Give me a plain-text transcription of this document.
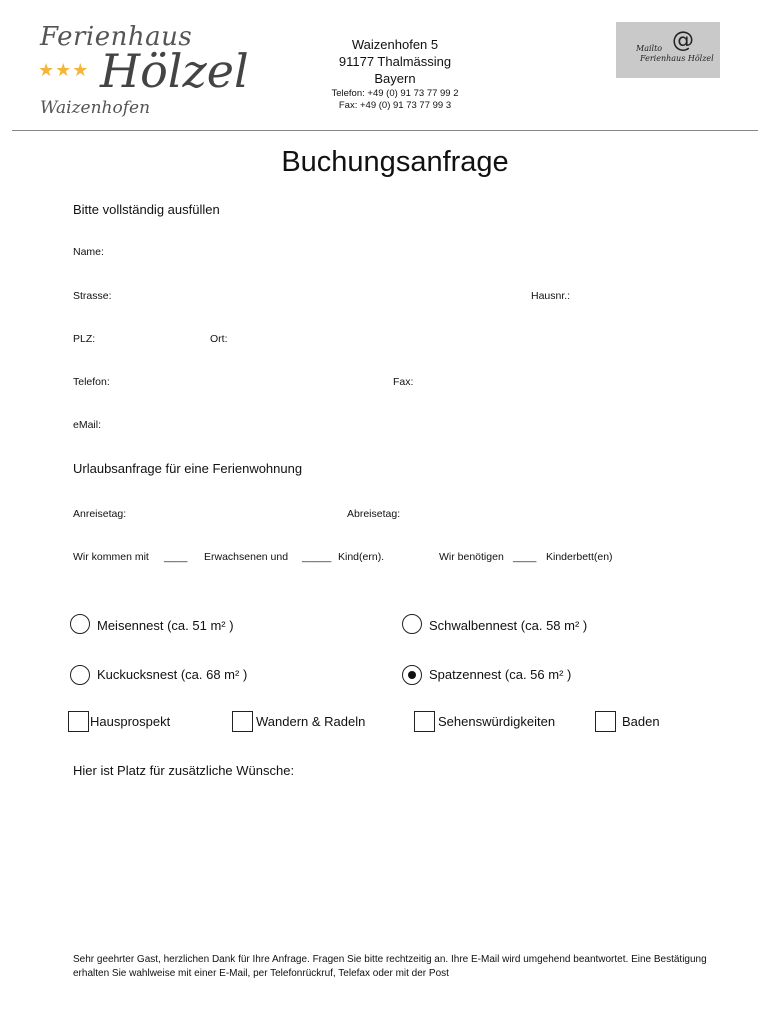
Ferienhaus
★★★ Hölzel
Waizenhofen
Waizenhofen 5
91177 Thalmässing
Bayern
Telefon: +49 (0) 91 73 77 99 2
Fax: +49 (0) 91 73 77 99 3
Mailto @
Ferienhaus Hölzel
Buchungsanfrage
Bitte vollständig ausfüllen
Name:
Strasse:	Hausnr.:
PLZ:	Ort:
Telefon:	Fax:
eMail:
Urlaubsanfrage für eine Ferienwohnung
Anreisetag:	Abreisetag:
Wir kommen mit ____ Erwachsenen und _____ Kind(ern).	Wir benötigen ____ Kinderbett(en)
Meisennest (ca. 51 m² )	Schwalbennest (ca. 58 m² )
Kuckucksnest (ca. 68 m² )	Spatzennest (ca. 56 m² )
Hausprospekt	Wandern & Radeln	Sehenswürdigkeiten	Baden
Hier ist Platz für zusätzliche Wünsche:
Sehr geehrter Gast, herzlichen Dank für Ihre Anfrage. Fragen Sie bitte rechtzeitig an. Ihre E-Mail wird umgehend beantwortet. Eine Bestätigung erhalten Sie wahlweise mit einer E-Mail, per Telefonrückruf, Telefax oder mit der Post
